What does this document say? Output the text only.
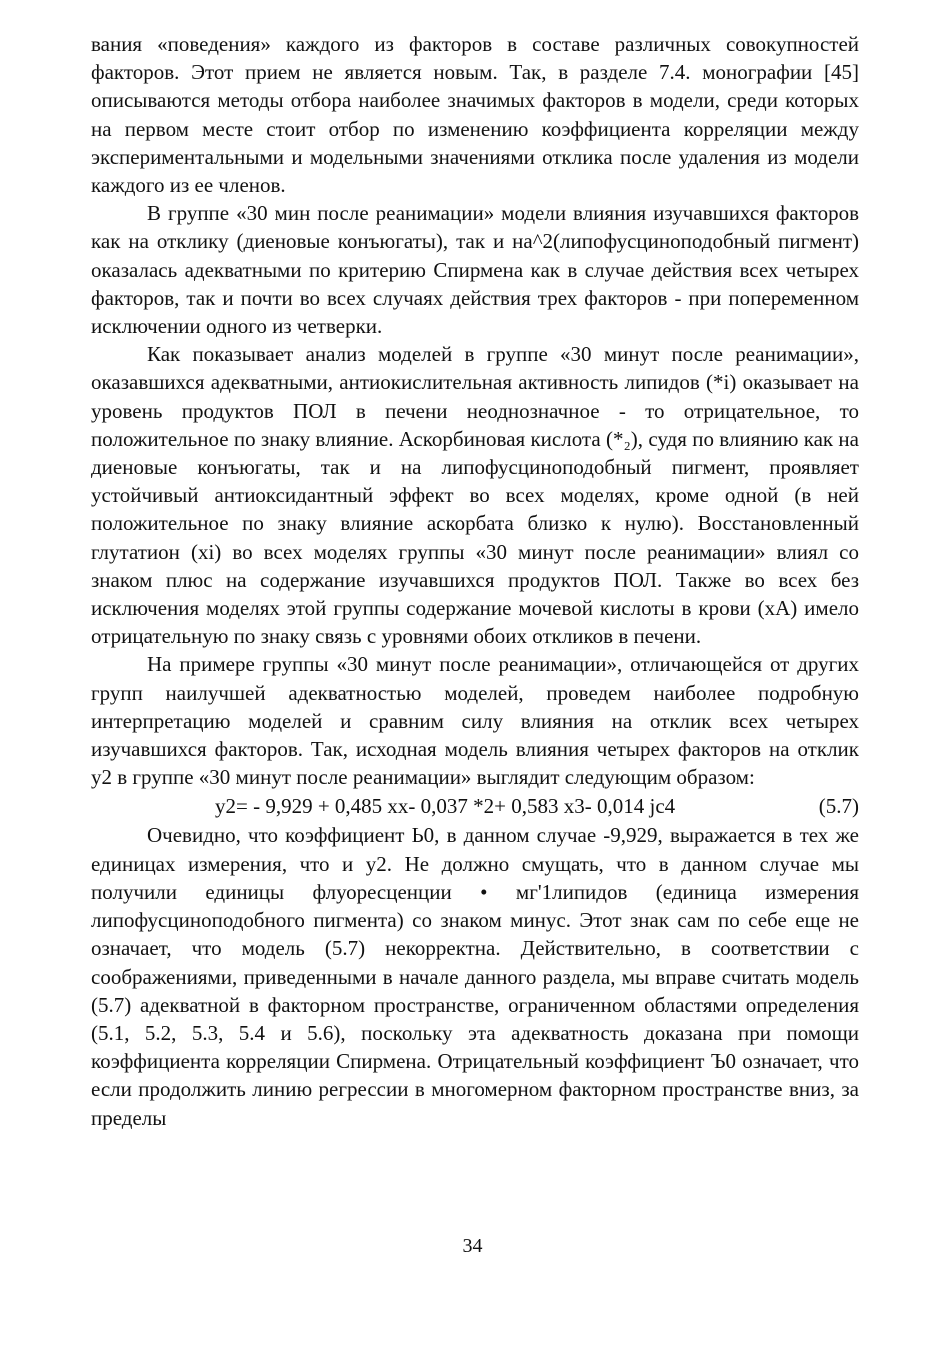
вания «поведения» каждого из факторов в составе различных совокупностей факторов. Этот прием не является новым. Так, в разделе 7.4. монографии [45] описываются методы отбора наиболее значимых факторов в модели, среди которых на первом месте стоит отбор по изменению коэффициента корреляции между экспериментальными и модельными значениями отклика после удаления из модели каждого из ее членов.

В группе «30 мин после реанимации» модели влияния изучавшихся факторов как на отклику (диеновые конъюгаты), так и на^2(липофусциноподобный пигмент) оказалась адекватными по критерию Спирмена как в случае действия всех четырех факторов, так и почти во всех случаях действия трех факторов - при попеременном исключении одного из четверки.

Как показывает анализ моделей в группе «30 минут после реанимации», оказавшихся адекватными, антиокислительная активность липидов (*i) оказывает на уровень продуктов ПОЛ в печени неоднозначное - то отрицательное, то положительное по знаку влияние. Аскорбиновая кислота (*₂), судя по влиянию как на диеновые конъюгаты, так и на липофусциноподобный пигмент, проявляет устойчивый антиоксидантный эффект во всех моделях, кроме одной (в ней положительное по знаку влияние аскорбата близко к нулю). Восстановленный глутатион (xi) во всех моделях группы «30 минут после реанимации» влиял со знаком плюс на содержание изучавшихся продуктов ПОЛ. Также во всех без исключения моделях этой группы содержание мочевой кислоты в крови (xA) имело отрицательную по знаку связь с уровнями обоих откликов в печени.

На примере группы «30 минут после реанимации», отличающейся от других групп наилучшей адекватностью моделей, проведем наиболее подробную интерпретацию моделей и сравним силу влияния на отклик всех четырех изучавшихся факторов. Так, исходная модель влияния четырех факторов на отклик y2 в группе «30 минут после реанимации» выглядит следующим образом:

y2= - 9,929 + 0,485 xx- 0,037 *2+ 0,583 x3- 0,014 jc4	(5.7)

Очевидно, что коэффициент Ь0, в данном случае -9,929, выражается в тех же единицах измерения, что и y2. Не должно смущать, что в данном случае мы получили единицы флуоресценции • мг'1липидов (единица измерения липофусциноподобного пигмента) со знаком минус. Этот знак сам по себе еще не означает, что модель (5.7) некорректна. Действительно, в соответствии с соображениями, приведенными в начале данного раздела, мы вправе считать модель (5.7) адекватной в факторном пространстве, ограниченном областями определения (5.1, 5.2, 5.3, 5.4 и 5.6), поскольку эта адекватность доказана при помощи коэффициента корреляции Спирмена. Отрицательный коэффициент Ъ0 означает, что если продолжить линию регрессии в многомерном факторном пространстве вниз, за пределы

34
